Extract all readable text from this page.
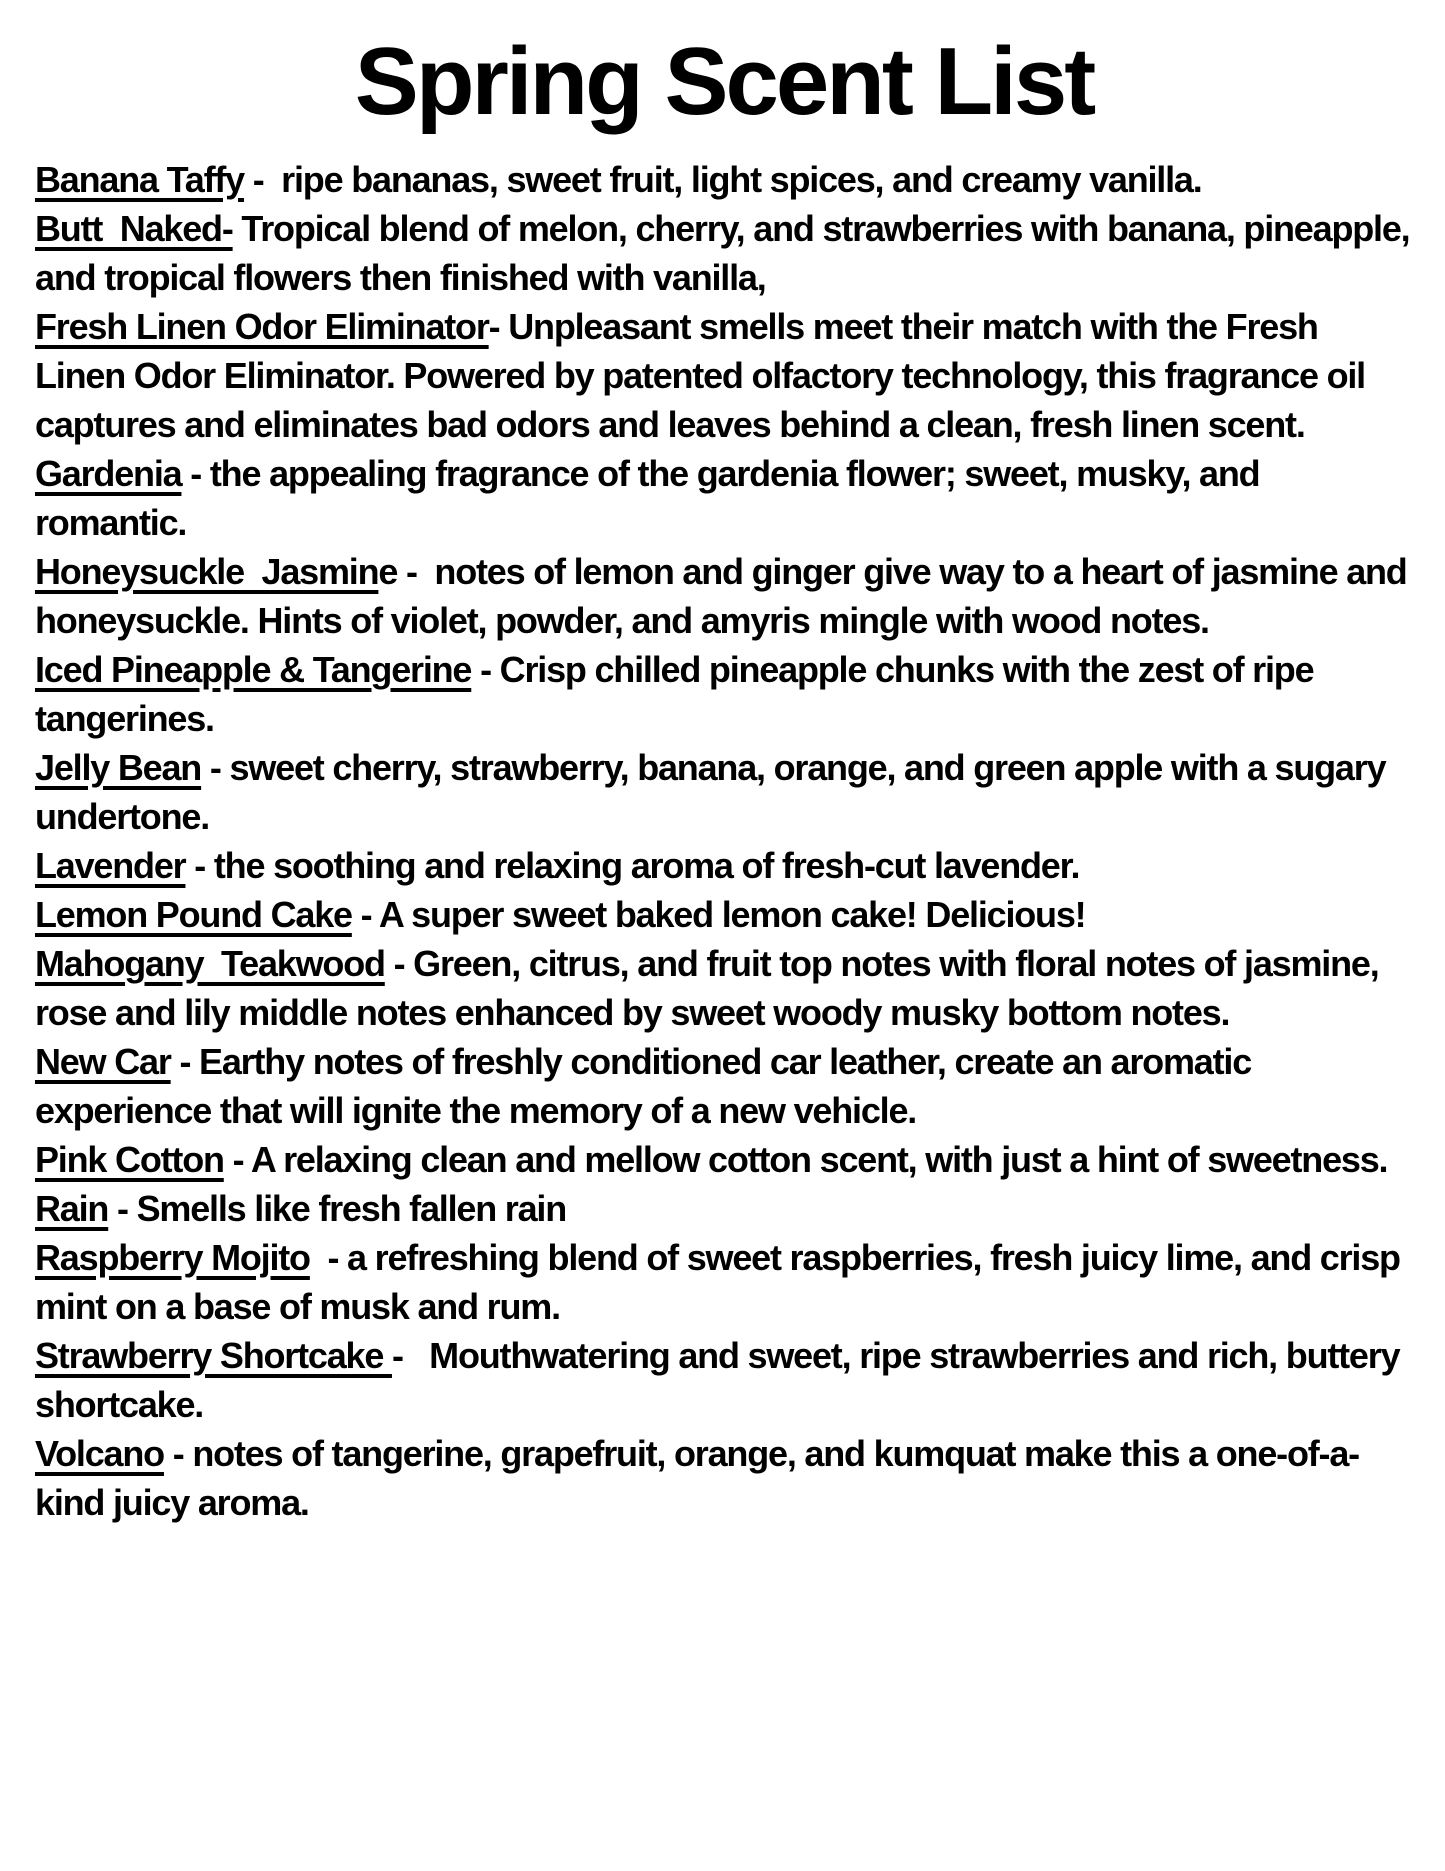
Spring Scent List

Banana Taffy -  ripe bananas, sweet fruit, light spices, and creamy vanilla.

Butt  Naked- Tropical blend of melon, cherry, and strawberries with banana, pineapple, and tropical flowers then finished with vanilla,

Fresh Linen Odor Eliminator- Unpleasant smells meet their match with the Fresh Linen Odor Eliminator. Powered by patented olfactory technology, this fragrance oil captures and eliminates bad odors and leaves behind a clean, fresh linen scent.

Gardenia - the appealing fragrance of the gardenia flower; sweet, musky, and romantic.

Honeysuckle  Jasmine -  notes of lemon and ginger give way to a heart of jasmine and honeysuckle. Hints of violet, powder, and amyris mingle with wood notes.

Iced Pineapple & Tangerine - Crisp chilled pineapple chunks with the zest of ripe tangerines.

Jelly Bean - sweet cherry, strawberry, banana, orange, and green apple with a sugary undertone.

Lavender - the soothing and relaxing aroma of fresh-cut lavender.

Lemon Pound Cake - A super sweet baked lemon cake! Delicious!

Mahogany  Teakwood - Green, citrus, and fruit top notes with floral notes of jasmine, rose and lily middle notes enhanced by sweet woody musky bottom notes.

New Car - Earthy notes of freshly conditioned car leather, create an aromatic experience that will ignite the memory of a new vehicle.

Pink Cotton - A relaxing clean and mellow cotton scent, with just a hint of sweetness.

Rain - Smells like fresh fallen rain

Raspberry Mojito  - a refreshing blend of sweet raspberries, fresh juicy lime, and crisp mint on a base of musk and rum.

Strawberry Shortcake -   Mouthwatering and sweet, ripe strawberries and rich, buttery shortcake.

Volcano - notes of tangerine, grapefruit, orange, and kumquat make this a one-of-a-kind juicy aroma.
